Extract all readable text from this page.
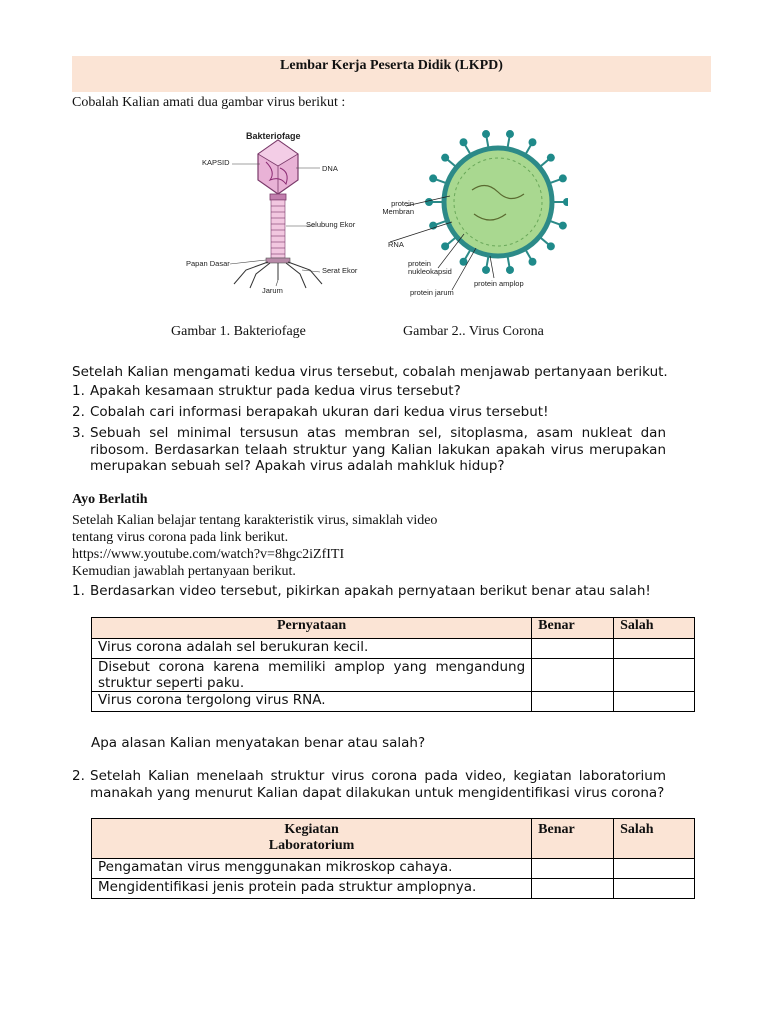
Lembar Kerja Peserta Didik (LKPD)
Cobalah Kalian amati dua gambar virus berikut :
Bakteriofage
KAPSID
DNA
Selubung Ekor
Papan Dasar
Serat Ekor
Jarum
protein
Membran
RNA
protein
nukleokapsid
protein jarum
protein amplop
Gambar 1. Bakteriofage	Gambar 2.. Virus Corona
Setelah Kalian mengamati kedua virus tersebut, cobalah menjawab pertanyaan berikut.
1. Apakah kesamaan struktur pada kedua virus tersebut?
2. Cobalah cari informasi berapakah ukuran dari kedua virus tersebut!
3. Sebuah sel minimal tersusun atas membran sel, sitoplasma, asam nukleat dan ribosom. Berdasarkan telaah struktur yang Kalian lakukan apakah virus merupakan merupakan sebuah sel? Apakah virus adalah mahkluk hidup?
Ayo Berlatih
Setelah Kalian belajar tentang karakteristik virus, simaklah video
tentang virus corona pada link berikut.
https://www.youtube.com/watch?v=8hgc2iZfITI
Kemudian jawablah pertanyaan berikut.
1. Berdasarkan video tersebut, pikirkan apakah pernyataan berikut benar atau salah!
Pernyataan	Benar	Salah
Virus corona adalah sel berukuran kecil.		
Disebut corona karena memiliki amplop yang mengandung struktur seperti paku.		
Virus corona tergolong virus RNA.		
Apa alasan Kalian menyatakan benar atau salah?
2. Setelah Kalian menelaah struktur virus corona pada video, kegiatan laboratorium manakah yang menurut Kalian dapat dilakukan untuk mengidentifikasi virus corona?
Kegiatan
Laboratorium	Benar	Salah
Pengamatan virus menggunakan mikroskop cahaya.		
Mengidentifikasi jenis protein pada struktur amplopnya.		
